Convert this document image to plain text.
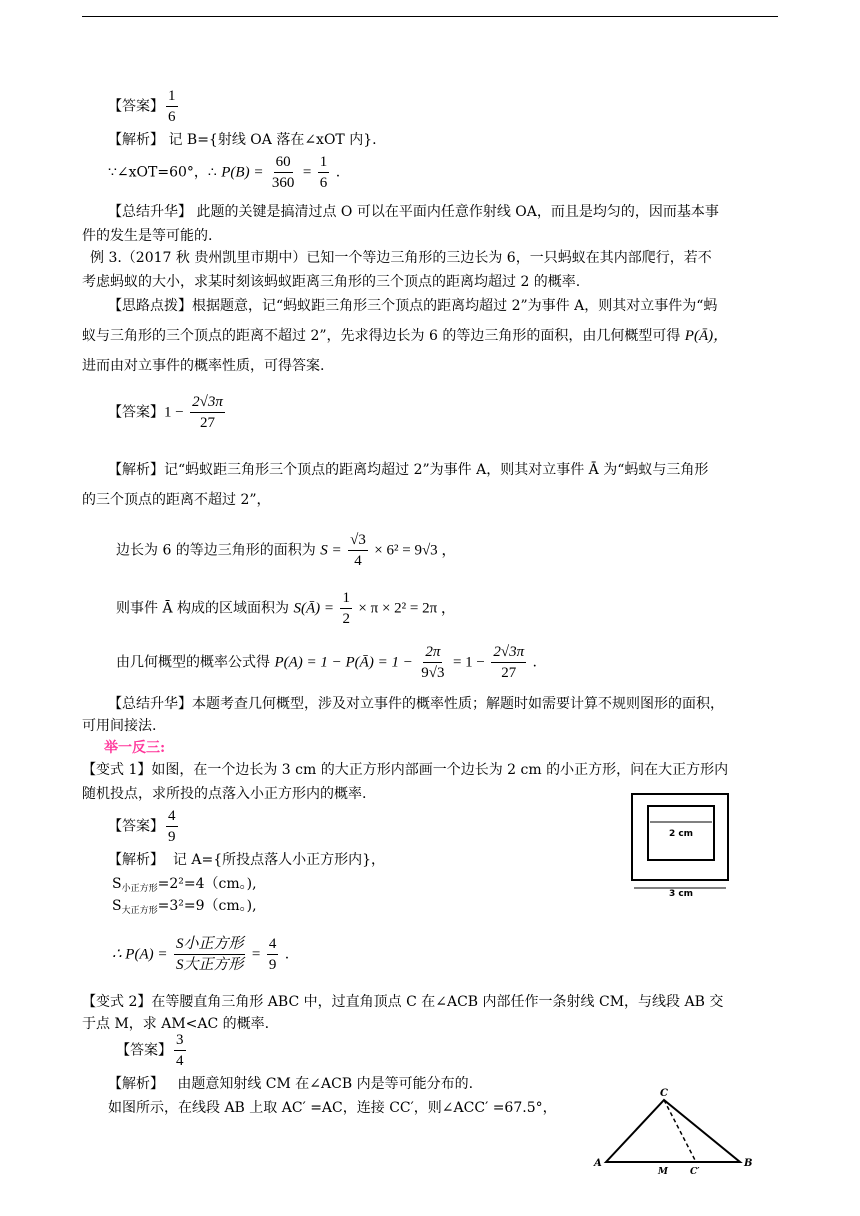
【答案】 $\frac{1}{6}$
【解析】 记 B={射线 OA 落在∠xOT 内}.
∵∠xOT=60°，∴ $P(B) = \frac{60}{360} = \frac{1}{6}$ .
【总结升华】 此题的关键是搞清过点 O 可以在平面内任意作射线 OA，而且是均匀的，因而基本事
件的发生是等可能的.
例 3.（2017 秋 贵州凯里市期中）已知一个等边三角形的三边长为 6，一只蚂蚁在其内部爬行，若不
考虑蚂蚁的大小，求某时刻该蚂蚁距离三角形的三个顶点的距离均超过 2 的概率.
【思路点拨】根据题意，记“蚂蚁距三角形三个顶点的距离均超过 2”为事件 A，则其对立事件为“蚂
蚁与三角形的三个顶点的距离不超过 2”，先求得边长为 6 的等边三角形的面积，由几何概型可得 P(Ā)，
进而由对立事件的概率性质，可得答案.
【答案】$1 - \frac{2√3\pi}{27}$
【解析】记“蚂蚁距三角形三个顶点的距离均超过 2”为事件 A，则其对立事件 Ā 为“蚂蚁与三角形
的三个顶点的距离不超过 2”，
边长为 6 的等边三角形的面积为 $S = \frac{√3}{4} \times 6^2 = 9√3$ ，
则事件 Ā 构成的区域面积为 S(Ā) = $\frac{1}{2} \times \pi \times 2^2 = 2\pi$ ，
由几何概型的概率公式得 P(A) = 1 − P(Ā) = $1 - \frac{2\pi}{9√3} = 1 - \frac{2√3\pi}{27}$ .
【总结升华】本题考查几何概型，涉及对立事件的概率性质；解题时如需要计算不规则图形的面积，
可用间接法.
举一反三:
【变式 1】如图，在一个边长为 3 cm 的大正方形内部画一个边长为 2 cm 的小正方形，问在大正方形内
随机投点，求所投的点落入小正方形内的概率.
【答案】 $\frac{4}{9}$
【解析】 记 A={所投点落人小正方形内}，
$S_{小正方形}=2^2=4(cm$。),
$S_{大正方形}=3^2=9(cm$。),
∴ $P(A) = \frac{\text{S小正方形}}{\text{S大正方形}} = \frac{4}{9}$ .
2 cm
3 cm
【变式 2】在等腰直角三角形 ABC 中，过直角顶点 C 在∠ACB 内部任作一条射线 CM，与线段 AB 交
于点 M，求 AM<AC 的概率.
【答案】 $\frac{3}{4}$
【解析】 由题意知射线 CM 在∠ACB 内是等可能分布的.
如图所示，在线段 AB 上取 AC′ =AC，连接 CC′，则∠ACC′ =67.5°，
C
A	B
M C′
